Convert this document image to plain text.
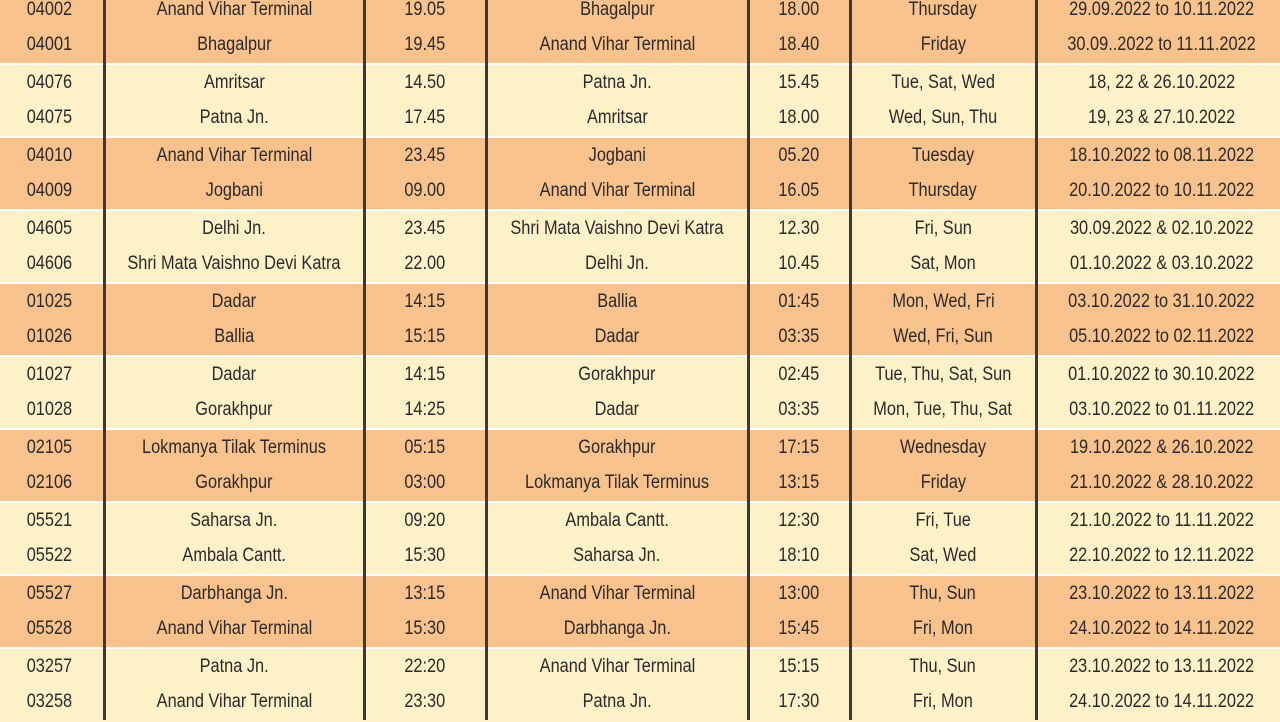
04002	Anand Vihar Terminal	19.05	Bhagalpur	18.00	Thursday	29.09.2022 to 10.11.2022
04001	Bhagalpur	19.45	Anand Vihar Terminal	18.40	Friday	30.09..2022 to 11.11.2022
04076	Amritsar	14.50	Patna Jn.	15.45	Tue, Sat, Wed	18, 22 & 26.10.2022
04075	Patna Jn.	17.45	Amritsar	18.00	Wed, Sun, Thu	19, 23 & 27.10.2022
04010	Anand Vihar Terminal	23.45	Jogbani	05.20	Tuesday	18.10.2022 to 08.11.2022
04009	Jogbani	09.00	Anand Vihar Terminal	16.05	Thursday	20.10.2022 to 10.11.2022
04605	Delhi Jn.	23.45	Shri Mata Vaishno Devi Katra	12.30	Fri, Sun	30.09.2022 & 02.10.2022
04606	Shri Mata Vaishno Devi Katra	22.00	Delhi Jn.	10.45	Sat, Mon	01.10.2022 & 03.10.2022
01025	Dadar	14:15	Ballia	01:45	Mon, Wed, Fri	03.10.2022 to 31.10.2022
01026	Ballia	15:15	Dadar	03:35	Wed, Fri, Sun	05.10.2022 to 02.11.2022
01027	Dadar	14:15	Gorakhpur	02:45	Tue, Thu, Sat, Sun	01.10.2022 to 30.10.2022
01028	Gorakhpur	14:25	Dadar	03:35	Mon, Tue, Thu, Sat	03.10.2022 to 01.11.2022
02105	Lokmanya Tilak Terminus	05:15	Gorakhpur	17:15	Wednesday	19.10.2022 & 26.10.2022
02106	Gorakhpur	03:00	Lokmanya Tilak Terminus	13:15	Friday	21.10.2022 & 28.10.2022
05521	Saharsa Jn.	09:20	Ambala Cantt.	12:30	Fri, Tue	21.10.2022 to 11.11.2022
05522	Ambala Cantt.	15:30	Saharsa Jn.	18:10	Sat, Wed	22.10.2022 to 12.11.2022
05527	Darbhanga Jn.	13:15	Anand Vihar Terminal	13:00	Thu, Sun	23.10.2022 to 13.11.2022
05528	Anand Vihar Terminal	15:30	Darbhanga Jn.	15:45	Fri, Mon	24.10.2022 to 14.11.2022
03257	Patna Jn.	22:20	Anand Vihar Terminal	15:15	Thu, Sun	23.10.2022 to 13.11.2022
03258	Anand Vihar Terminal	23:30	Patna Jn.	17:30	Fri, Mon	24.10.2022 to 14.11.2022
